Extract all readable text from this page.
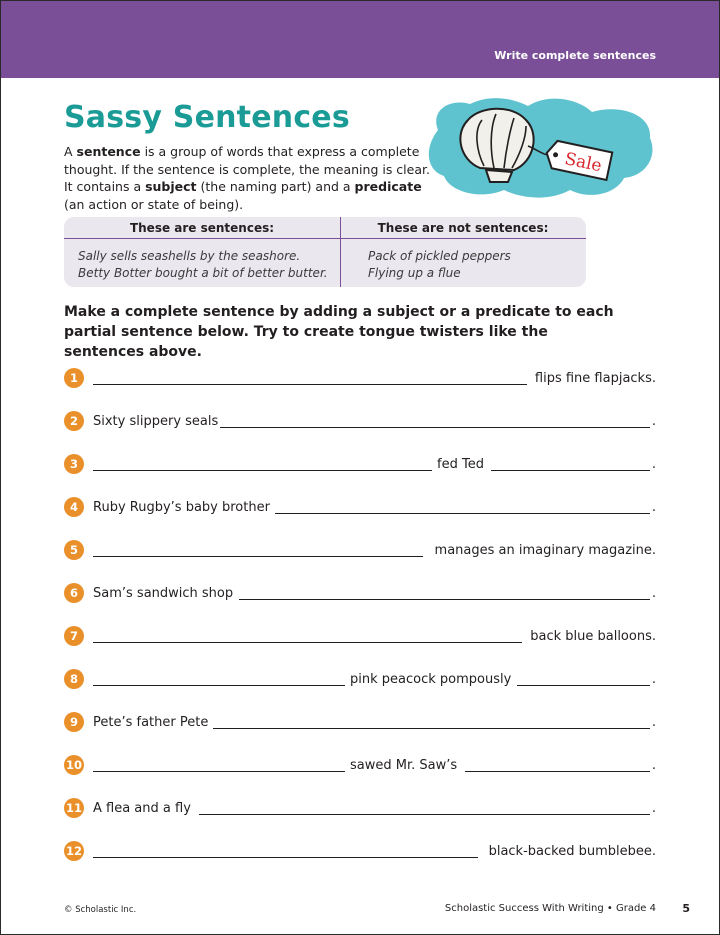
Write complete sentences
Sassy Sentences

A sentence is a group of words that express a complete thought. If the sentence is complete, the meaning is clear. It contains a subject (the naming part) and a predicate (an action or state of being).

Sale
These are sentences:
Sally sells seashells by the seashore.
Betty Botter bought a bit of better butter.
These are not sentences:
Pack of pickled peppers
Flying up a flue

Make a complete sentence by adding a subject or a predicate to each partial sentence below. Try to create tongue twisters like the sentences above.

1	flips fine flapjacks.
2	Sixty slippery seals	.
3	fed Ted	.
4	Ruby Rugby’s baby brother	.
5	manages an imaginary magazine.
6	Sam’s sandwich shop	.
7	back blue balloons.
8	pink peacock pompously	.
9	Pete’s father Pete	.
10	sawed Mr. Saw’s	.
11 A flea and a fly	.
12	black-backed bumblebee.
© Scholastic Inc.	Scholastic Success With Writing • Grade 4 5
